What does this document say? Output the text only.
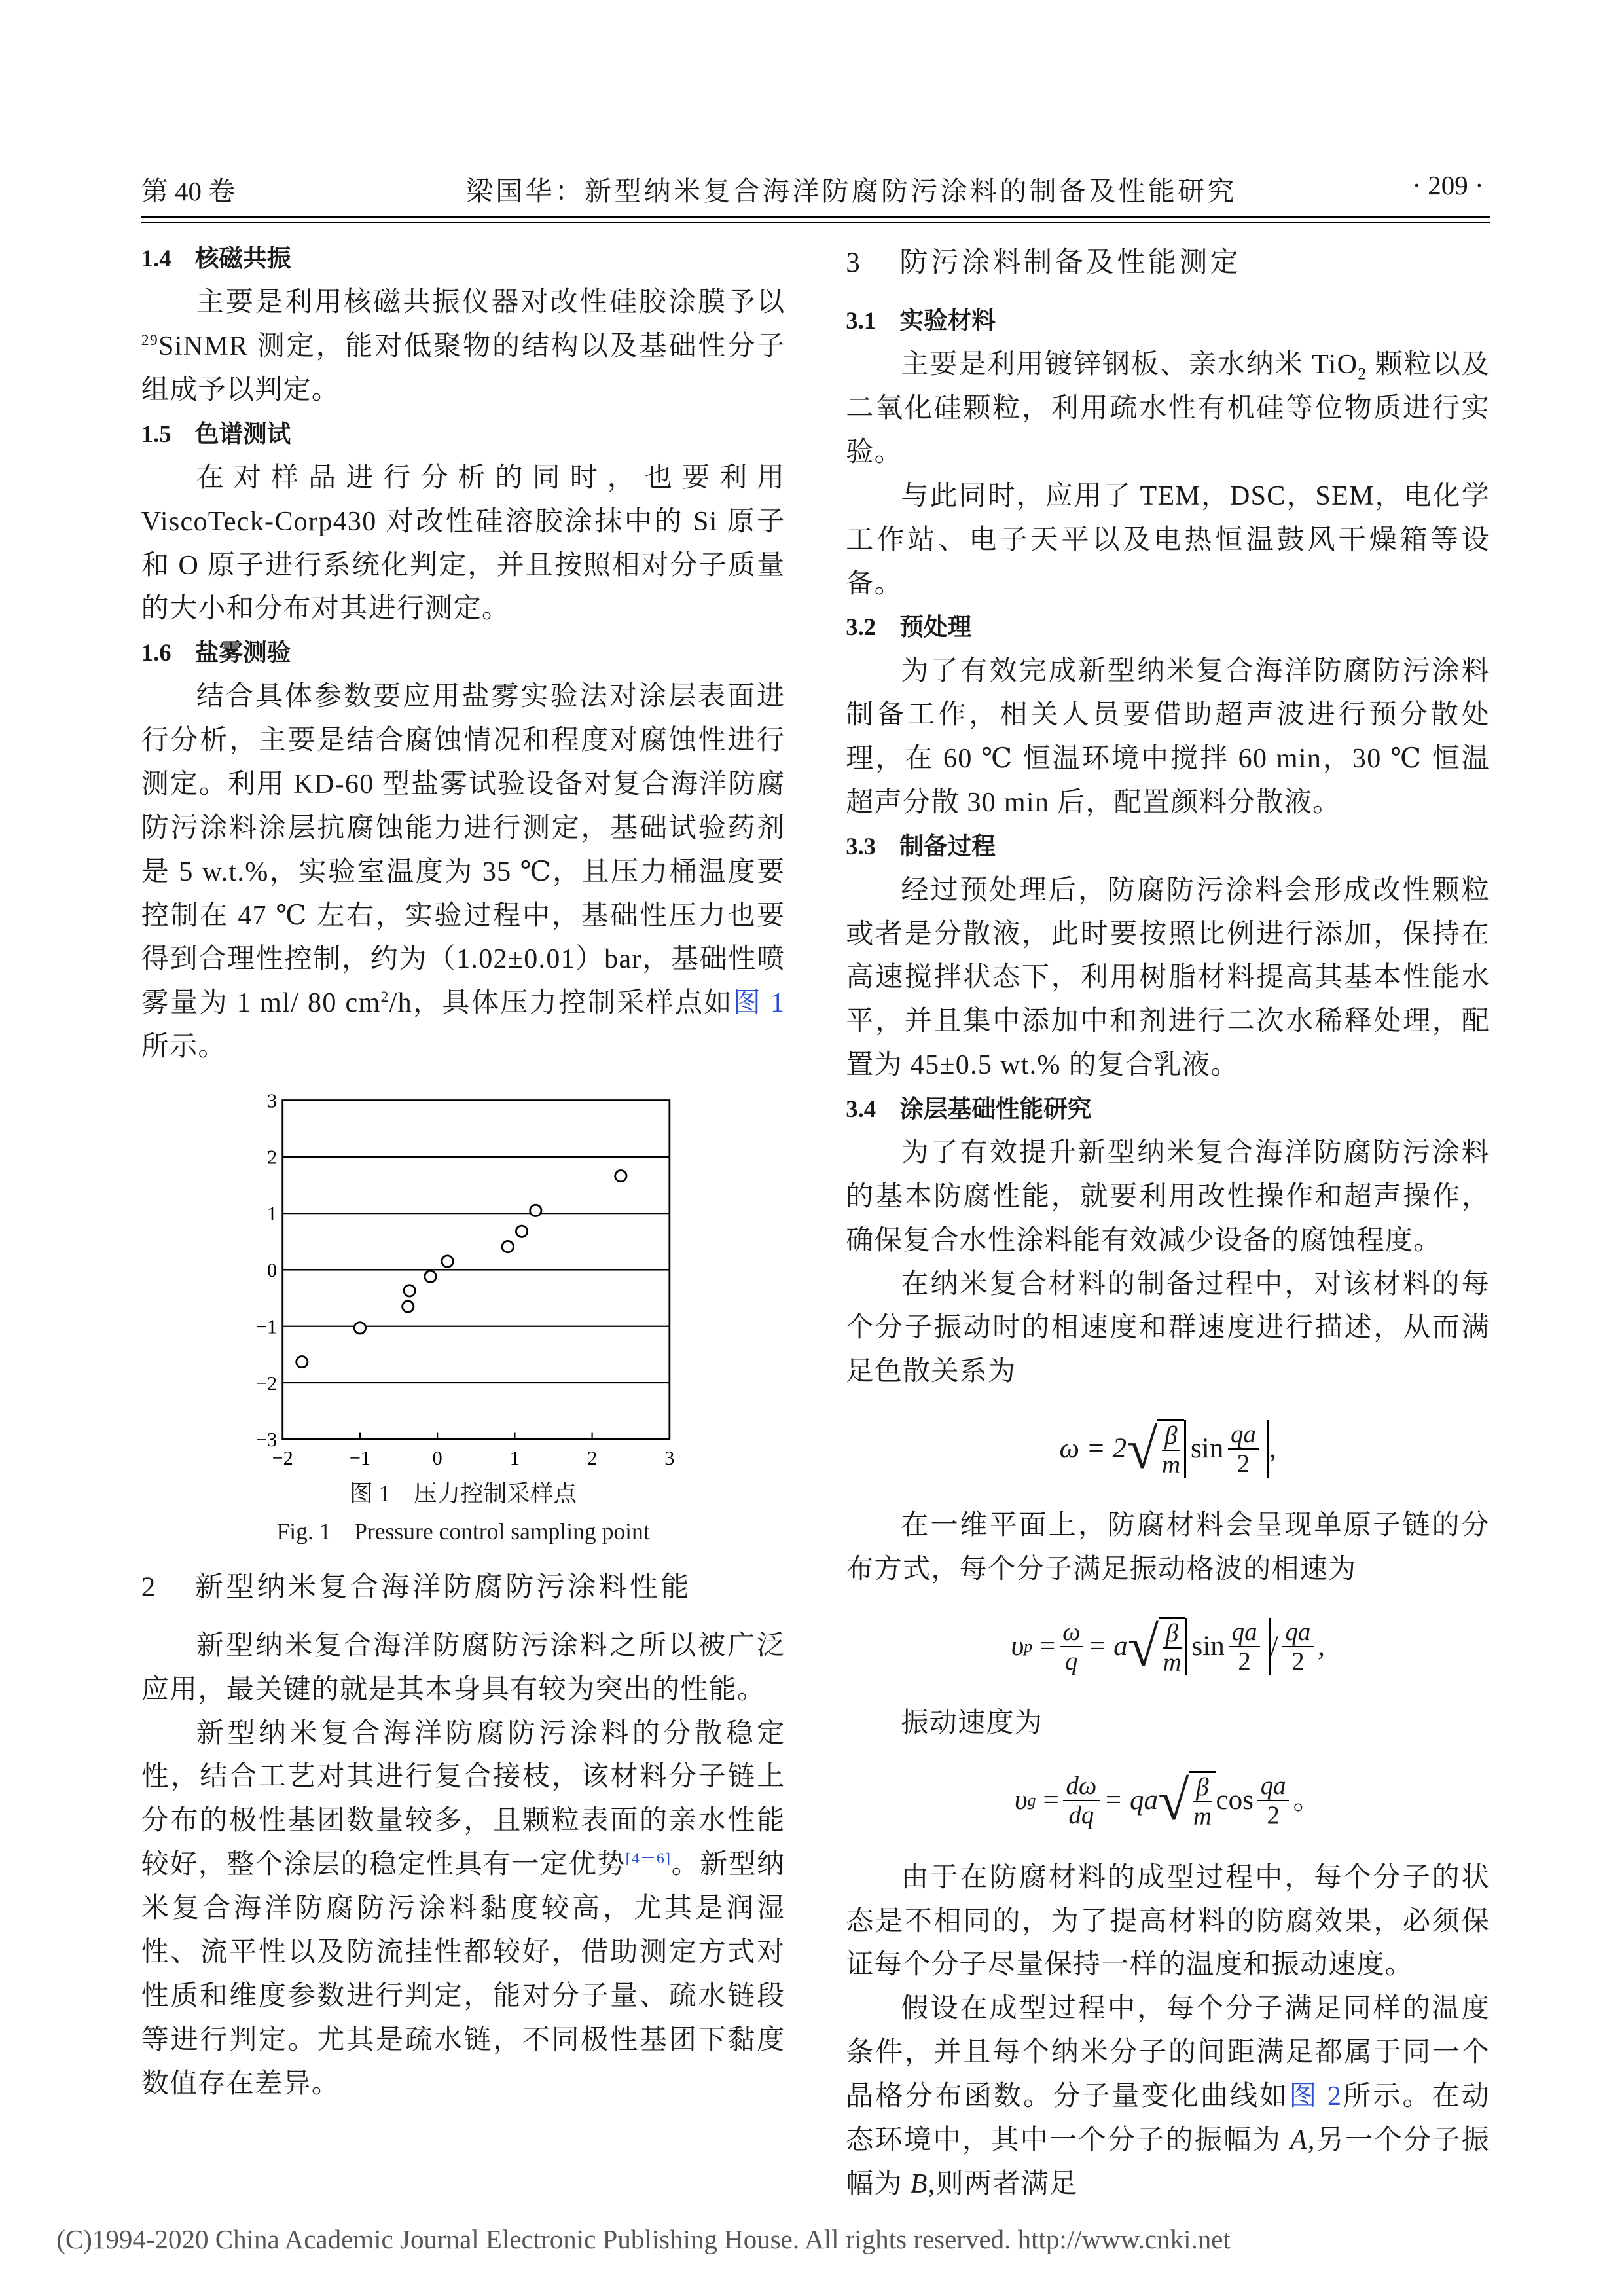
第 40 卷	梁国华：新型纳米复合海洋防腐防污涂料的制备及性能研究	· 209 ·
1.4 核磁共振

主要是利用核磁共振仪器对改性硅胶涂膜予以$^{29}$SiNMR 测定，能对低聚物的结构以及基础性分子组成予以判定。

1.5 色谱测试

在对样品进行分析的同时，也要利用 ViscoTeck-Corp430 对改性硅溶胶涂抹中的 Si 原子和 O 原子进行系统化判定，并且按照相对分子质量的大小和分布对其进行测定。

1.6 盐雾测验

结合具体参数要应用盐雾实验法对涂层表面进行分析，主要是结合腐蚀情况和程度对腐蚀性进行测定。利用 KD-60 型盐雾试验设备对复合海洋防腐防污涂料涂层抗腐蚀能力进行测定，基础试验药剂是 5 w.t.%，实验室温度为 35 ℃，且压力桶温度要控制在 47 ℃ 左右，实验过程中，基础性压力也要得到合理性控制，约为（1.02±0.01）bar，基础性喷雾量为 1 ml/ 80 $cm^2/h$，具体压力控制采样点如图 1所示。

3
2
1
0
−1
−2
−3
−2	−1	0	1	2	3
图 1　压力控制采样点
Fig. 1　Pressure control sampling point
2	新型纳米复合海洋防腐防污涂料性能

新型纳米复合海洋防腐防污涂料之所以被广泛应用，最关键的就是其本身具有较为突出的性能。

新型纳米复合海洋防腐防污涂料的分散稳定性，结合工艺对其进行复合接枝，该材料分子链上分布的极性基团数量较多，且颗粒表面的亲水性能较好，整个涂层的稳定性具有一定优势[4－6]。新型纳米复合海洋防腐防污涂料黏度较高，尤其是润湿性、流平性以及防流挂性都较好，借助测定方式对性质和维度参数进行判定，能对分子量、疏水链段等进行判定。尤其是疏水链，不同极性基团下黏度数值存在差异。

3	防污涂料制备及性能测定
3.1 实验材料

主要是利用镀锌钢板、亲水纳米 TiO$_2$ 颗粒以及二氧化硅颗粒，利用疏水性有机硅等位物质进行实验。

与此同时，应用了 TEM，DSC，SEM，电化学工作站、电子天平以及电热恒温鼓风干燥箱等设备。

3.2 预处理

为了有效完成新型纳米复合海洋防腐防污涂料制备工作，相关人员要借助超声波进行预分散处理，在 60 ℃ 恒温环境中搅拌 60 min，30 ℃ 恒温超声分散 30 min 后，配置颜料分散液。

3.3 制备过程

经过预处理后，防腐防污涂料会形成改性颗粒或者是分散液，此时要按照比例进行添加，保持在高速搅拌状态下，利用树脂材料提高其基本性能水平，并且集中添加中和剂进行二次水稀释处理，配置为 45±0.5 wt.% 的复合乳液。

3.4 涂层基础性能研究

为了有效提升新型纳米复合海洋防腐防污涂料的基本防腐性能，就要利用改性操作和超声操作，确保复合水性涂料能有效减少设备的腐蚀程度。

在纳米复合材料的制备过程中，对该材料的每个分子振动时的相速度和群速度进行描述，从而满足色散关系为

ω = 2 √ $\frac{\beta}{m}$ $\sin \frac{qa}{2}$ ,

在一维平面上，防腐材料会呈现单原子链的分布方式，每个分子满足振动格波的相速为

υ p
= $\frac{\omega}{q} = a$ √ $\frac{\beta}{m}$ $\sin \frac{qa}{2} / \frac{qa}{2}$ ,

振动速度为

υ g
= $\frac{d\omega}{dq}$ = qa √ $\frac{\beta}{m}$ $\cos \frac{qa}{2}$ 。

由于在防腐材料的成型过程中，每个分子的状态是不相同的，为了提高材料的防腐效果，必须保证每个分子尽量保持一样的温度和振动速度。

假设在成型过程中，每个分子满足同样的温度条件，并且每个纳米分子的间距满足都属于同一个晶格分布函数。分子量变化曲线如图 2所示。在动态环境中，其中一个分子的振幅为 A,另一个分子振幅为 B,则两者满足

(C)1994-2020 China Academic Journal Electronic Publishing House. All rights reserved. http://www.cnki.net
